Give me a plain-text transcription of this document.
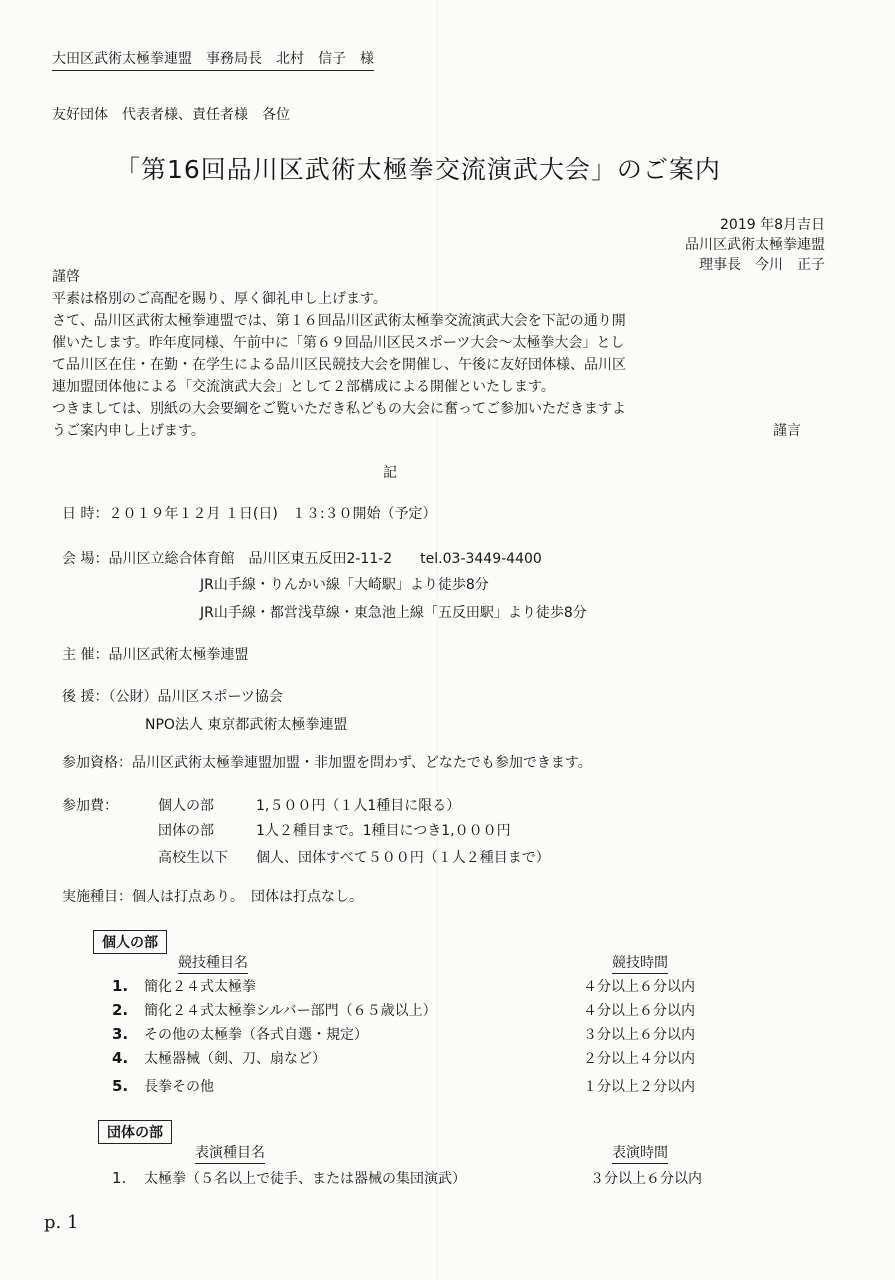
大田区武術太極拳連盟　事務局長　北村　信子　様
友好団体　代表者様、責任者様　各位
「第16回品川区武術太極拳交流演武大会」のご案内
2019 年8月吉日
品川区武術太極拳連盟
理事長　今川　正子
謹啓
平素は格別のご高配を賜り、厚く御礼申し上げます。
さて、品川区武術太極拳連盟では、第１６回品川区武術太極拳交流演武大会を下記の通り開
催いたします。昨年度同様、午前中に「第６９回品川区民スポーツ大会～太極拳大会」とし
て品川区在住・在勤・在学生による品川区民競技大会を開催し、午後に友好団体様、品川区
連加盟団体他による「交流演武大会」として２部構成による開催といたします。
つきましては、別紙の大会要綱をご覧いただき私どもの大会に奮ってご参加いただきますよ
うご案内申し上げます。	謹言
記
日 時：２０１９年１２月 １日(日)　１３:３０開始（予定）
会 場：品川区立総合体育館　品川区東五反田2-11-2　　tel.03-3449-4400
JR山手線・りんかい線「大崎駅」より徒歩8分
JR山手線・都営浅草線・東急池上線「五反田駅」より徒歩8分
主 催：品川区武術太極拳連盟
後 援：（公財）品川区スポーツ協会
NPO法人 東京都武術太極拳連盟
参加資格：品川区武術太極拳連盟加盟・非加盟を問わず、どなたでも参加できます。
参加費：	個人の部　　　1,５００円（１人1種目に限る）
団体の部　　　1人２種目まで。1種目につき1,０００円
高校生以下　　個人、団体すべて５００円（１人２種目まで）
実施種目：個人は打点あり。　団体は打点なし。
個人の部
競技種目名	競技時間
1. 簡化２４式太極拳	４分以上６分以内
2. 簡化２４式太極拳シルバー部門（６５歳以上）	４分以上６分以内
3. その他の太極拳（各式自選・規定）	３分以上６分以内
4. 太極器械（剣、刀、扇など）	２分以上４分以内
5. 長拳その他	１分以上２分以内
団体の部
表演種目名	表演時間
1. 太極拳（５名以上で徒手、または器械の集団演武）	３分以上６分以内
p. 1
